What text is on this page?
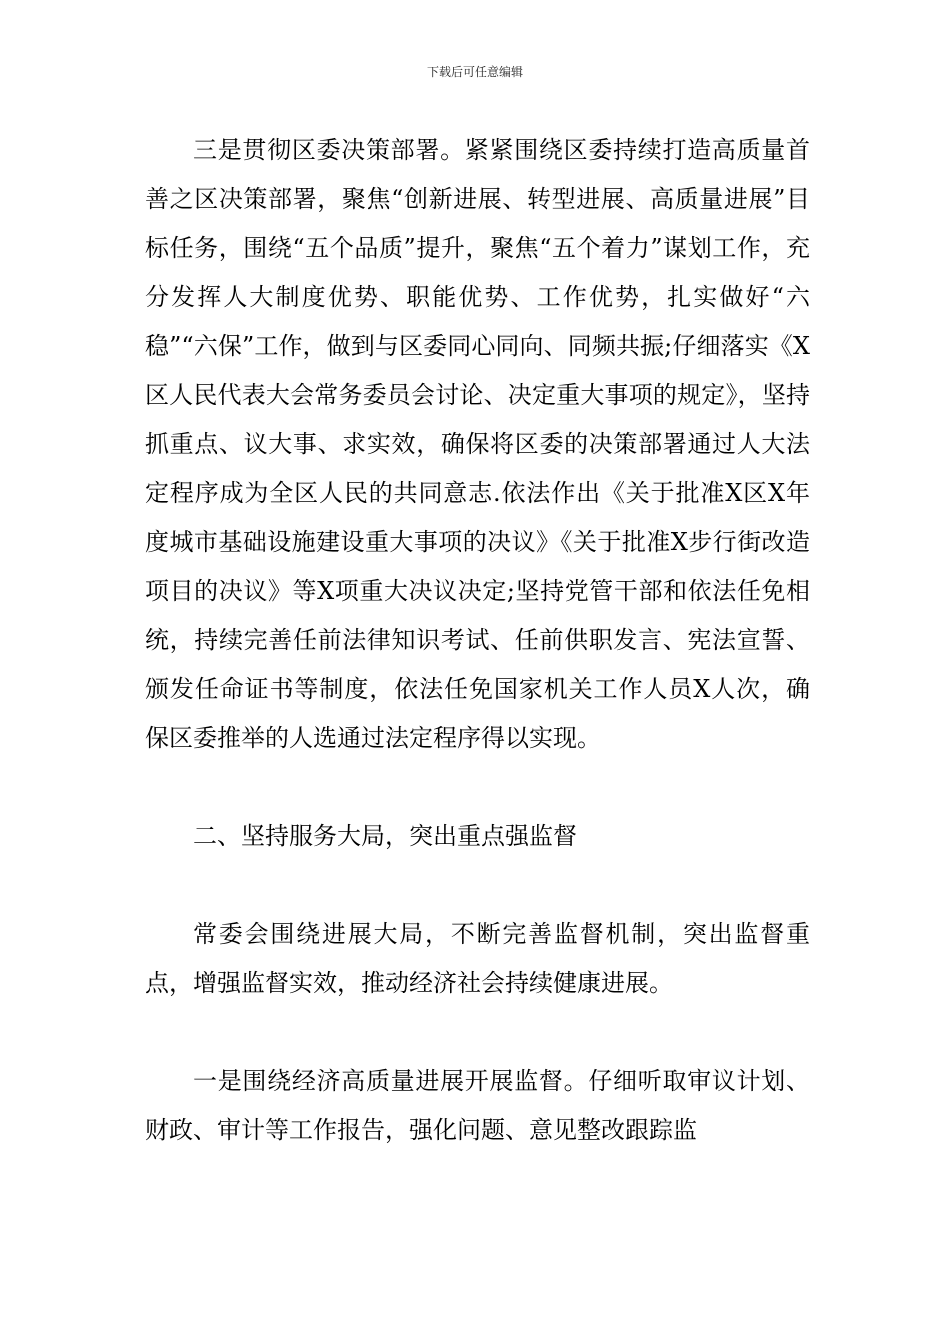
下载后可任意编辑

三是贯彻区委决策部署。紧紧围绕区委持续打造高质量首善之区决策部署，聚焦“创新进展、转型进展、高质量进展”目标任务，围绕“五个品质”提升，聚焦“五个着力”谋划工作，充分发挥人大制度优势、职能优势、工作优势，扎实做好“六稳”“六保”工作，做到与区委同心同向、同频共振;仔细落实《X区人民代表大会常务委员会讨论、决定重大事项的规定》，坚持抓重点、议大事、求实效，确保将区委的决策部署通过人大法定程序成为全区人民的共同意志.依法作出《关于批准X区X年度城市基础设施建设重大事项的决议》《关于批准X步行街改造项目的决议》等X项重大决议决定;坚持党管干部和依法任免相统，持续完善任前法律知识考试、任前供职发言、宪法宣誓、颁发任命证书等制度，依法任免国家机关工作人员X人次，确保区委推举的人选通过法定程序得以实现。

二、坚持服务大局，突出重点强监督

常委会围绕进展大局，不断完善监督机制，突出监督重点，增强监督实效，推动经济社会持续健康进展。

一是围绕经济高质量进展开展监督。仔细听取审议计划、财政、审计等工作报告，强化问题、意见整改跟踪监
